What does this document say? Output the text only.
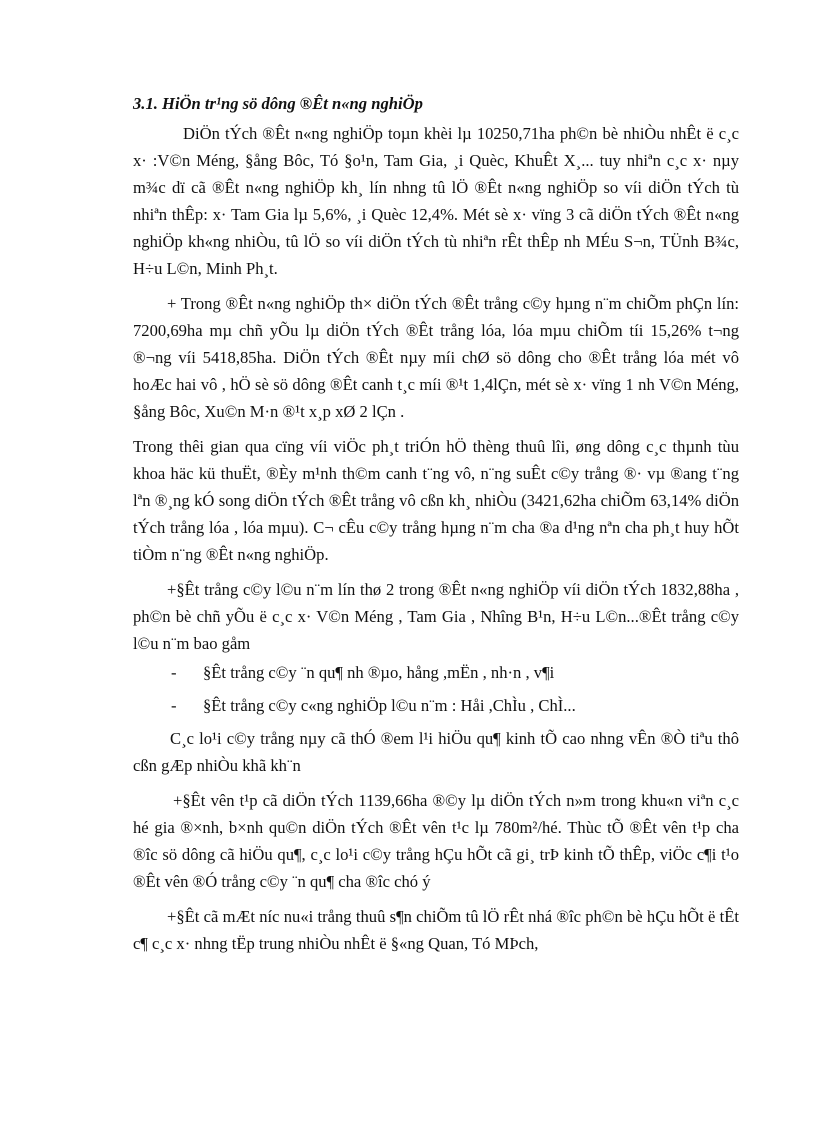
3.1. HiÖn tr¹ng sö dông ®Êt n«ng nghiÖp
DiÖn tÝch ®Êt n«ng nghiÖp toµn khèi lµ 10250,71ha ph©n bè nhiÒu nhÊt ë c¸c x· :V©n Méng, §ång Bôc, Tó §o¹n, Tam Gia, ¸i Quèc, KhuÊt X¸... tuy nhiªn c¸c x· nµy m¾c dï cã ®Êt n«ng nghiÖp kh¸ lín nhng tû lÖ ®Êt n«ng nghiÖp so víi diÖn tÝch tù nhiªn thÊp: x· Tam Gia lµ 5,6%, ¸i Quèc 12,4%. Mét sè x· vïng 3 cã diÖn tÝch ®Êt n«ng nghiÖp kh«ng nhiÒu, tû lÖ so víi diÖn tÝch tù nhiªn rÊt thÊp nh MÉu S¬n, TÜnh B¾c, H÷u L©n, Minh Ph¸t.
+ Trong ®Êt n«ng nghiÖp th× diÖn tÝch ®Êt trång c©y hµng n¨m chiÕm phÇn lín: 7200,69ha mµ chñ yÕu lµ diÖn tÝch ®Êt trång lóa, lóa mµu chiÕm tíi 15,26% t¬ng ®¬ng víi 5418,85ha. DiÖn tÝch ®Êt nµy míi chØ sö dông cho ®Êt trång lóa mét vô hoÆc hai vô , hÖ sè sö dông ®Êt canh t¸c míi ®¹t 1,4lÇn, mét sè x· vïng 1 nh V©n Méng, §ång Bôc, Xu©n M·n ®¹t x¸p xØ 2 lÇn .
Trong thêi gian qua cïng víi viÖc ph¸t triÓn hÖ thèng thuû lîi, øng dông c¸c thµnh tùu khoa häc kü thuËt, ®Èy m¹nh th©m canh t¨ng vô, n¨ng suÊt c©y trång ®· vµ ®ang t¨ng lªn ®¸ng kÓ song diÖn tÝch ®Êt trång vô cßn kh¸ nhiÒu (3421,62ha chiÕm 63,14% diÖn tÝch trång lóa , lóa mµu). C¬ cÊu c©y trång hµng n¨m cha ®a d¹ng nªn cha ph¸t huy hÕt tiÒm n¨ng ®Êt n«ng nghiÖp.
+§Êt trång c©y l©u n¨m lín thø 2 trong ®Êt n«ng nghiÖp víi diÖn tÝch 1832,88ha , ph©n bè chñ yÕu ë c¸c x· V©n Méng , Tam Gia , Nhîng B¹n, H÷u L©n...®Êt trång c©y l©u n¨m bao gåm
-	§Êt trång c©y ¨n qu¶ nh ®µo, hång ,mËn , nh·n , v¶i
-	§Êt trång c©y c«ng nghiÖp l©u n¨m : Håi ,ChÌu , ChÌ...
C¸c lo¹i c©y trång nµy cã thÓ ®em l¹i hiÖu qu¶ kinh tÕ cao nhng vÊn ®Ò tiªu thô cßn gÆp nhiÒu khã kh¨n
+§Êt vên t¹p cã diÖn tÝch 1139,66ha ®©y lµ diÖn tÝch n»m trong khu«n viªn c¸c hé gia ®×nh, b×nh qu©n diÖn tÝch ®Êt vên t¹c lµ 780m²/hé. Thùc tÕ ®Êt vên t¹p cha ®îc sö dông cã hiÖu qu¶, c¸c lo¹i c©y trång hÇu hÕt cã gi¸ trÞ kinh tÕ thÊp, viÖc c¶i t¹o ®Êt vên ®Ó trång c©y ¨n qu¶ cha ®îc chó ý
+§Êt cã mÆt níc nu«i trång thuû s¶n chiÕm tû lÖ rÊt nhá ®îc ph©n bè hÇu hÕt ë tÊt c¶ c¸c x· nhng tËp trung nhiÒu nhÊt ë §«ng Quan, Tó MÞch,
